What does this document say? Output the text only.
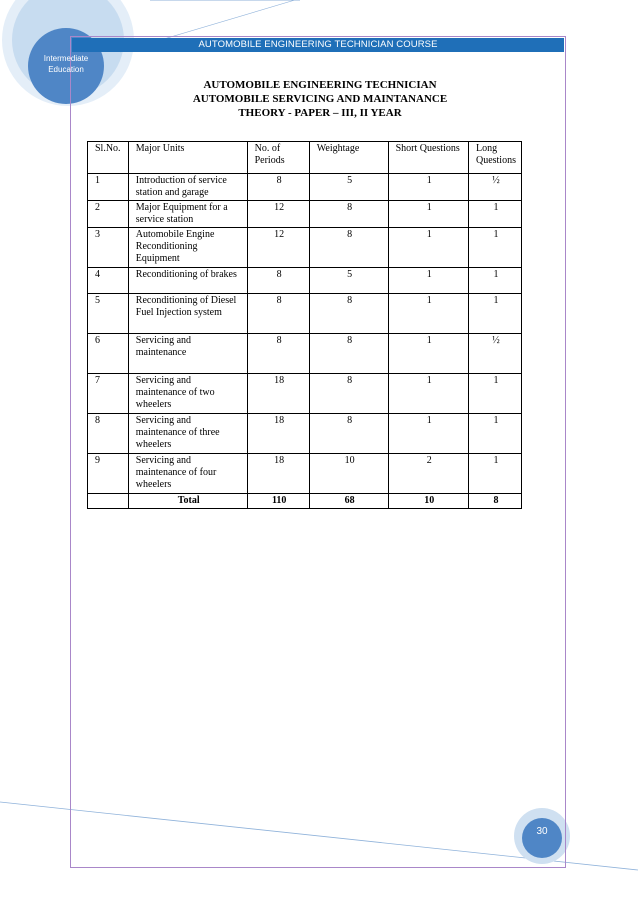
AUTOMOBILE ENGINEERING TECHNICIAN COURSE
Intermediate
Education
AUTOMOBILE ENGINEERING TECHNICIAN
AUTOMOBILE SERVICING AND MAINTANANCE
THEORY - PAPER – III, II YEAR
Sl.No.	Major Units	No. of Periods	Weightage	Short Questions	Long Questions
1	Introduction of service station and garage	8	5	1	½
2	Major Equipment for a service station	12	8	1	1
3	Automobile Engine Reconditioning Equipment	12	8	1	1
4	Reconditioning of brakes	8	5	1	1
5	Reconditioning of Diesel Fuel Injection system	8	8	1	1
6	Servicing and maintenance	8	8	1	½
7	Servicing and maintenance of two wheelers	18	8	1	1
8	Servicing and maintenance of three wheelers	18	8	1	1
9	Servicing and maintenance of four wheelers	18	10	2	1
	Total	110	68	10	8
30
